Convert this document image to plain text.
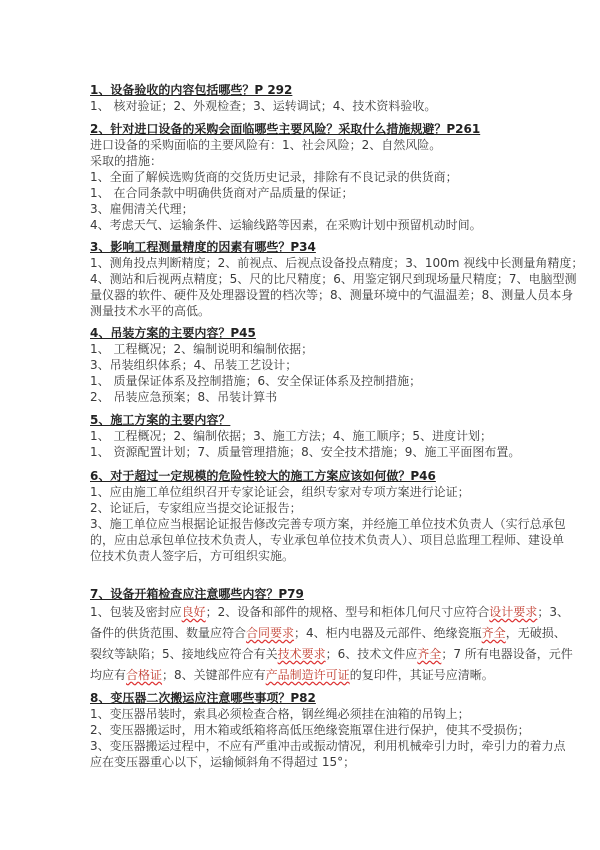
1、设备验收的内容包括哪些？P 292
1、 核对验证；2、外观检查；3、运转调试；4、技术资料验收。
2、针对进口设备的采购会面临哪些主要风险？采取什么措施规避？P261
进口设备的采购面临的主要风险有：1、社会风险；2、自然风险。
采取的措施：
1、全面了解候选购货商的交货历史记录，排除有不良记录的供货商；
1、 在合同条款中明确供货商对产品质量的保证；
3、雇佣清关代理；
4、考虑天气、运输条件、运输线路等因素，在采购计划中预留机动时间。
3、影响工程测量精度的因素有哪些？P34
1、测角投点判断精度；2、前视点、后视点设备投点精度；3、100m 视线中长测量角精度；
4、测站和后视两点精度；5、尺的比尺精度；6、用鉴定钢尺到现场量尺精度；7、电脑型测
量仪器的软件、硬件及处理器设置的档次等；8、测量环境中的气温温差；8、测量人员本身
测量技术水平的高低。
4、吊装方案的主要内容？P45
1、 工程概况；2、编制说明和编制依据；
3、吊装组织体系；4、吊装工艺设计；
1、 质量保证体系及控制措施；6、安全保证体系及控制措施；
2、 吊装应急预案；8、吊装计算书
5、施工方案的主要内容？
1、 工程概况；2、编制依据；3、施工方法；4、施工顺序；5、进度计划；
1、 资源配置计划；7、质量管理措施；8、安全技术措施；9、施工平面图布置。
6、对于超过一定规模的危险性较大的施工方案应该如何做？P46
1、应由施工单位组织召开专家论证会，组织专家对专项方案进行论证；
2、论证后，专家组应当提交论证报告；
3、施工单位应当根据论证报告修改完善专项方案，并经施工单位技术负责人（实行总承包
的，应由总承包单位技术负责人，专业承包单位技术负责人）、项目总监理工程师、建设单
位技术负责人签字后，方可组织实施。
7、设备开箱检查应注意哪些内容？P79
1、包装及密封应良好；2、设备和部件的规格、型号和柜体几何尺寸应符合设计要求；3、
备件的供货范围、数量应符合合同要求；4、柜内电器及元部件、绝缘瓷瓶齐全，无破损、
裂纹等缺陷；5、接地线应符合有关技术要求；6、技术文件应齐全；7 所有电器设备，元件
均应有合格证；8、关键部件应有产品制造许可证的复印件，其证号应清晰。
8、变压器二次搬运应注意哪些事项？P82
1、变压器吊装时，索具必须检查合格，钢丝绳必须挂在油箱的吊钩上；
2、变压器搬运时，用木箱或纸箱将高低压绝缘瓷瓶罩住进行保护，使其不受损伤；
3、变压器搬运过程中，不应有严重冲击或振动情况，利用机械牵引力时，牵引力的着力点
应在变压器重心以下，运输倾斜角不得超过 15°；
